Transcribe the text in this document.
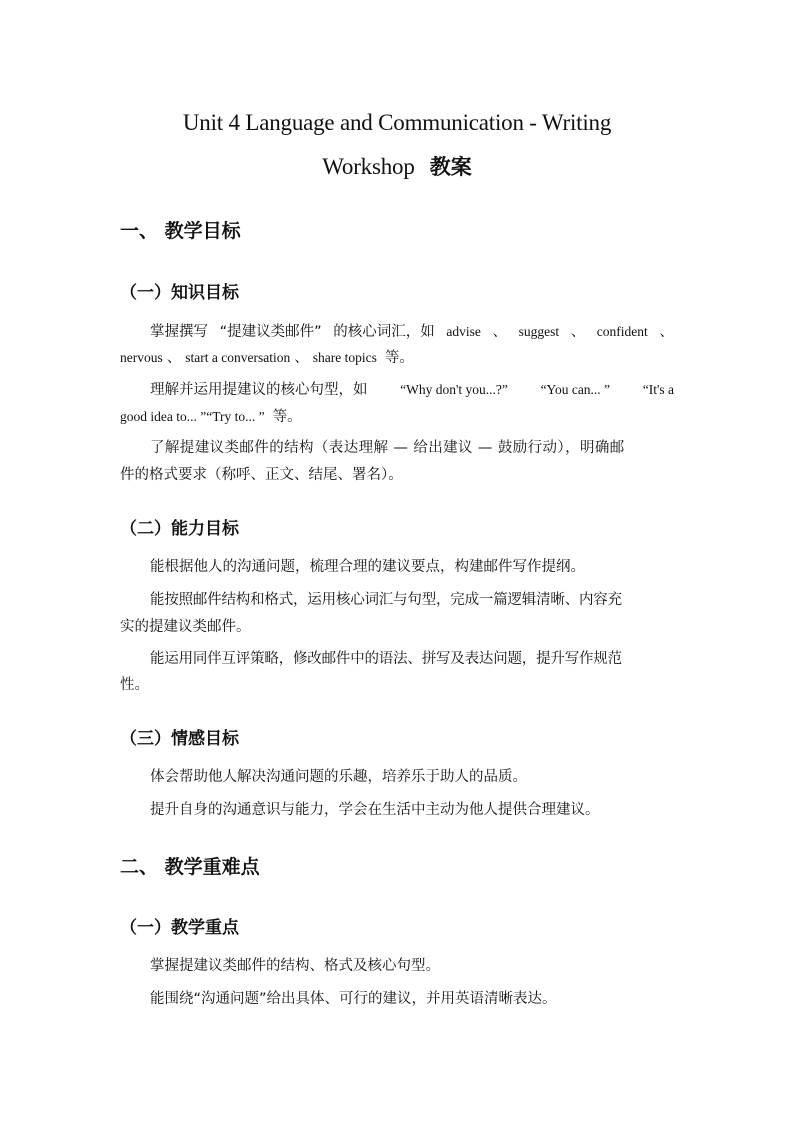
Unit 4 Language and Communication - Writing
Workshop 教案
一、 教学目标
（一）知识目标
掌握撰写 “提建议类邮件” 的核心词汇，如 advise 、 suggest 、 confident 、
nervous 、 start a conversation 、 share topics 等。
理解并运用提建议的核心句型，如 “Why don't you...?” “You can... ” “It's a
good idea to... ”“Try to... ” 等。
了解提建议类邮件的结构（表达理解 — 给出建议 — 鼓励行动），明确邮
件的格式要求（称呼、正文、结尾、署名）。
（二）能力目标
能根据他人的沟通问题，梳理合理的建议要点，构建邮件写作提纲。
能按照邮件结构和格式，运用核心词汇与句型，完成一篇逻辑清晰、内容充
实的提建议类邮件。
能运用同伴互评策略，修改邮件中的语法、拼写及表达问题，提升写作规范
性。
（三）情感目标
体会帮助他人解决沟通问题的乐趣，培养乐于助人的品质。
提升自身的沟通意识与能力，学会在生活中主动为他人提供合理建议。
二、 教学重难点
（一）教学重点
掌握提建议类邮件的结构、格式及核心句型。
能围绕“沟通问题”给出具体、可行的建议，并用英语清晰表达。
